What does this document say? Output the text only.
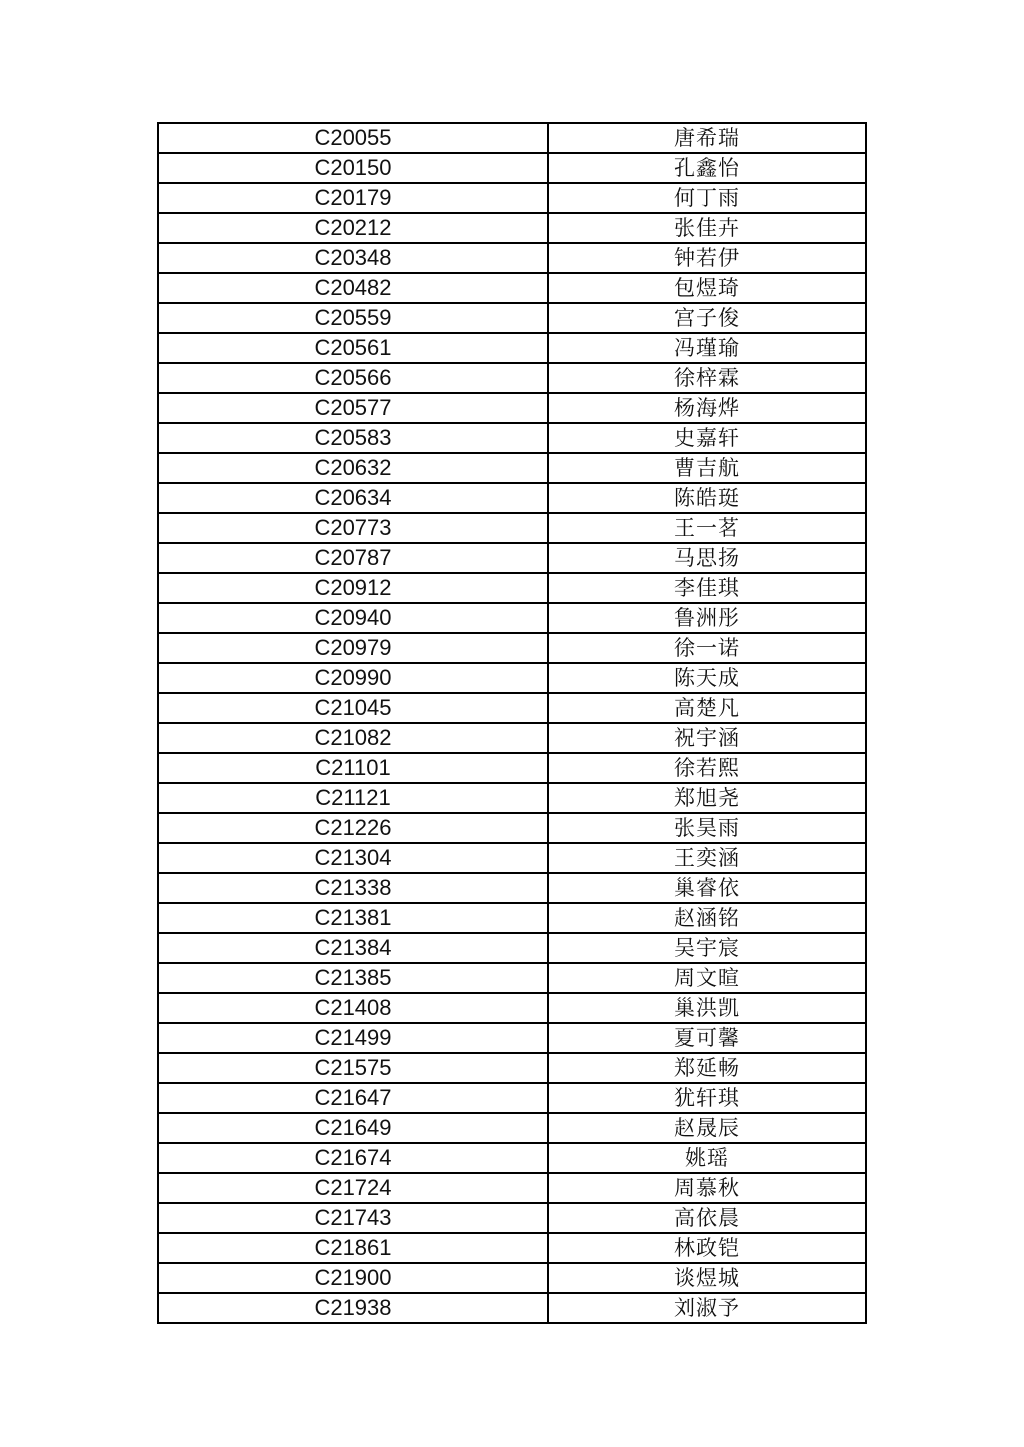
C20055	唐希瑞
C20150	孔鑫怡
C20179	何丁雨
C20212	张佳卉
C20348	钟若伊
C20482	包煜琦
C20559	宫子俊
C20561	冯瑾瑜
C20566	徐梓霖
C20577	杨海烨
C20583	史嘉轩
C20632	曹吉航
C20634	陈皓珽
C20773	王一茗
C20787	马思扬
C20912	李佳琪
C20940	鲁洲彤
C20979	徐一诺
C20990	陈天成
C21045	高楚凡
C21082	祝宇涵
C21101	徐若熙
C21121	郑旭尧
C21226	张昊雨
C21304	王奕涵
C21338	巢睿依
C21381	赵涵铭
C21384	吴宇宸
C21385	周文暄
C21408	巢洪凯
C21499	夏可馨
C21575	郑延畅
C21647	犹轩琪
C21649	赵晟辰
C21674	姚瑶
C21724	周慕秋
C21743	高依晨
C21861	林政铠
C21900	谈煜城
C21938	刘淑予
